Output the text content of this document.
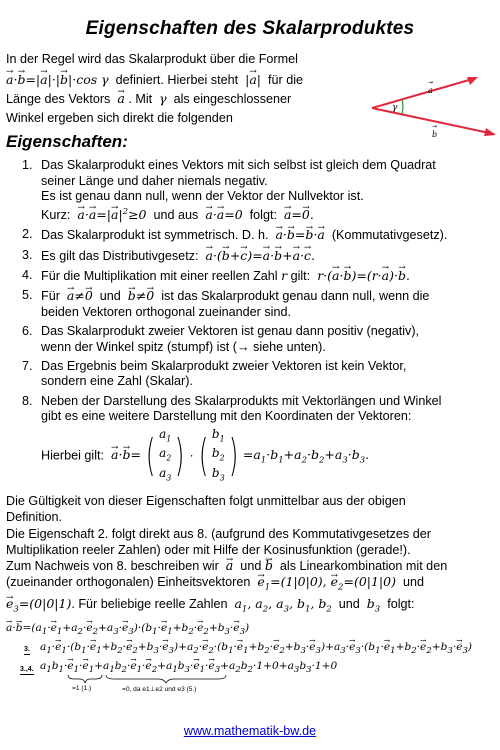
Eigenschaften des Skalarproduktes
In der Regel wird das Skalarprodukt über die Formel
→ a·→ b=|→ a|·|→ b|·cos γ  definiert. Hierbei steht  |→ a|  für die
Länge des Vektors  → a . Mit  γ  als eingeschlossener
Winkel ergeben sich direkt die folgenden
γ
a
→
b
→
Eigenschaften:
1. Das Skalarprodukt eines Vektors mit sich selbst ist gleich dem Quadrat
seiner Länge und daher niemals negativ.
Es ist genau dann null, wenn der Vektor der Nullvektor ist.
Kurz:  → $a\cdot\to a=|\to a|^2\ge 0$  und aus  → a·→ a=0  folgt:  → a=→ 0.
2. Das Skalarprodukt ist symmetrisch. D. h.  → a·→ b=→ b·→ a  (Kommutativgesetz).
3. Es gilt das Distributivgesetz:  → a·(→ b+→ c)=→ a·→ b+→ a·→ c.
4. Für die Multiplikation mit einer reellen Zahl r gilt:  r·(→ a·→ b)=(r·→ a)·→ b.
5. Für  → a≠→ 0  und  → b≠→ 0  ist das Skalarprodukt genau dann null, wenn die
beiden Vektoren orthogonal zueinander sind.
6. Das Skalarprodukt zweier Vektoren ist genau dann positiv (negativ),
wenn der Winkel spitz (stumpf) ist (→ siehe unten).
7. Das Ergebnis beim Skalarprodukt zweier Vektoren ist kein Vektor,
sondern eine Zahl (Skalar).
8. Neben der Darstellung des Skalarprodukts mit Vektorlängen und Winkel
gibt es eine weitere Darstellung mit den Koordinaten der Vektoren:
Hierbei gilt:  → a·→ b= ( $a_1$
$a_2$
$a_3$ ) · ( $b_1$
$b_2$
$b_3$ ) $=a_1\cdot b_1+a_2\cdot b_2+a_3\cdot b_3$.
Die Gültigkeit von dieser Eigenschaften folgt unmittelbar aus der obigen
Definition.
Die Eigenschaft 2. folgt direkt aus 8. (aufgrund des Kommutativgesetzes der
Multiplikation reeler Zahlen) oder mit Hilfe der Kosinusfunktion (gerade!).
Zum Nachweis von 8. beschreiben wir  → a  und → b  als Linearkombination mit den
(zueinander orthogonalen) Einheitsvektoren  → $e_1=(1|0|0)$, → $e_2=(0|1|0)$  und
→ $e_3=(0|0|1)$. Für beliebige reelle Zahlen  $a_1$, $a_2$, $a_3$, $b_1$, $b_2$  und  $b_3$  folgt:
→ $a\cdot\to b=(a_1\cdot\to e_1+a_2\cdot\to e_2+a_3\cdot\to e_3)\cdot(b_1\cdot\to e_1+b_2\cdot\to e_2+b_3\cdot\to e_3)$
3. $a_1\cdot\to e_1\cdot(b_1\cdot\to e_1+b_2\cdot\to e_2+b_3\cdot\to e_3)+a_2\cdot\to e_2\cdot(b_1\cdot\to e_1+b_2\cdot\to e_2+b_3\cdot\to e_3)+a_3\cdot\to e_3\cdot(b_1\cdot\to e_1+b_2\cdot\to e_2+b_3\cdot\to e_3)$
3.,4. $a_1b_1\cdot\to e_1\cdot\to e_1+a_1b_2\cdot\to e_1\cdot\to e_2+a_1b_3\cdot\to e_1\cdot\to e_3+a_2b_2\cdot 1+0+a_3b_3\cdot 1+0$
=1 (1.)	=0, da e1⊥e2 und e3 (5.)
www.mathematik-bw.de
